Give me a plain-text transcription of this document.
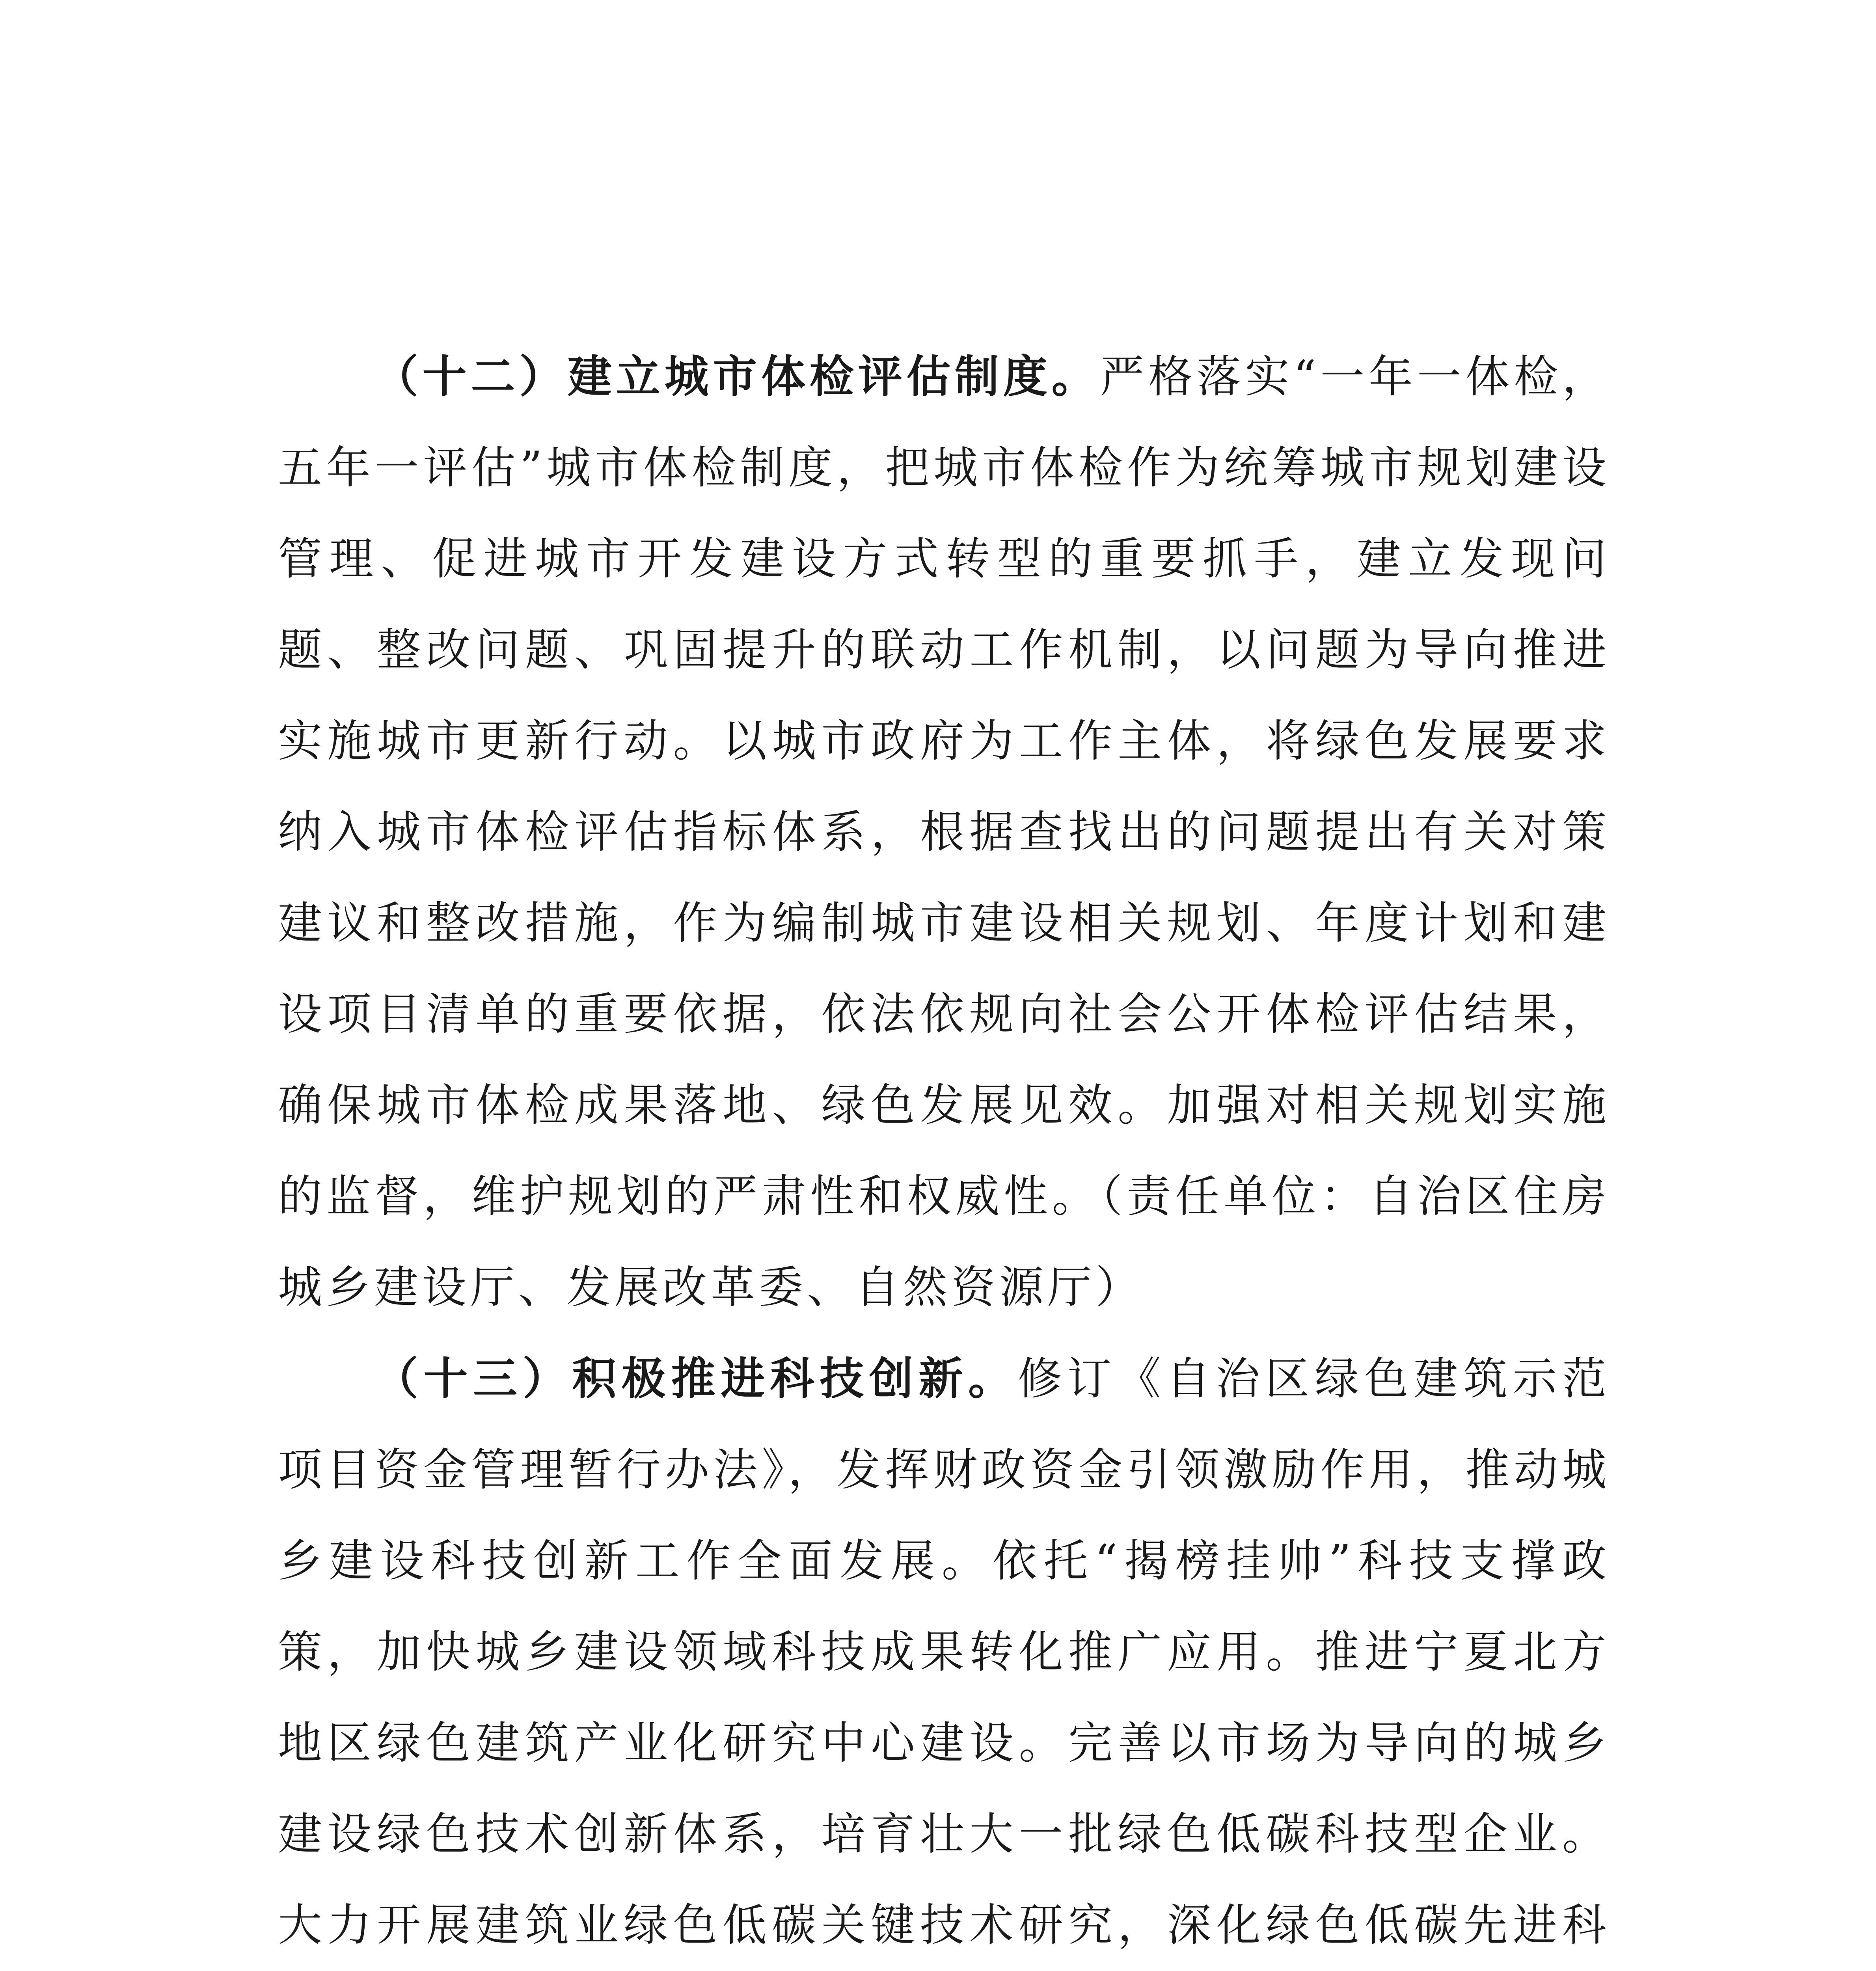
（十二）建立城市体检评估制度。严格落实“一年一体检，五年一评估”城市体检制度，把城市体检作为统筹城市规划建设管理、促进城市开发建设方式转型的重要抓手，建立发现问题、整改问题、巩固提升的联动工作机制，以问题为导向推进实施城市更新行动。以城市政府为工作主体，将绿色发展要求纳入城市体检评估指标体系，根据查找出的问题提出有关对策建议和整改措施，作为编制城市建设相关规划、年度计划和建设项目清单的重要依据，依法依规向社会公开体检评估结果，确保城市体检成果落地、绿色发展见效。加强对相关规划实施的监督，维护规划的严肃性和权威性。（责任单位：自治区住房城乡建设厅、发展改革委、自然资源厅）

（十三）积极推进科技创新。修订《自治区绿色建筑示范项目资金管理暂行办法》，发挥财政资金引领激励作用，推动城乡建设科技创新工作全面发展。依托“揭榜挂帅”科技支撑政策，加快城乡建设领域科技成果转化推广应用。推进宁夏北方地区绿色建筑产业化研究中心建设。完善以市场为导向的城乡建设绿色技术创新体系，培育壮大一批绿色低碳科技型企业。大力开展建筑业绿色低碳关键技术研究，深化绿色低碳先进科
